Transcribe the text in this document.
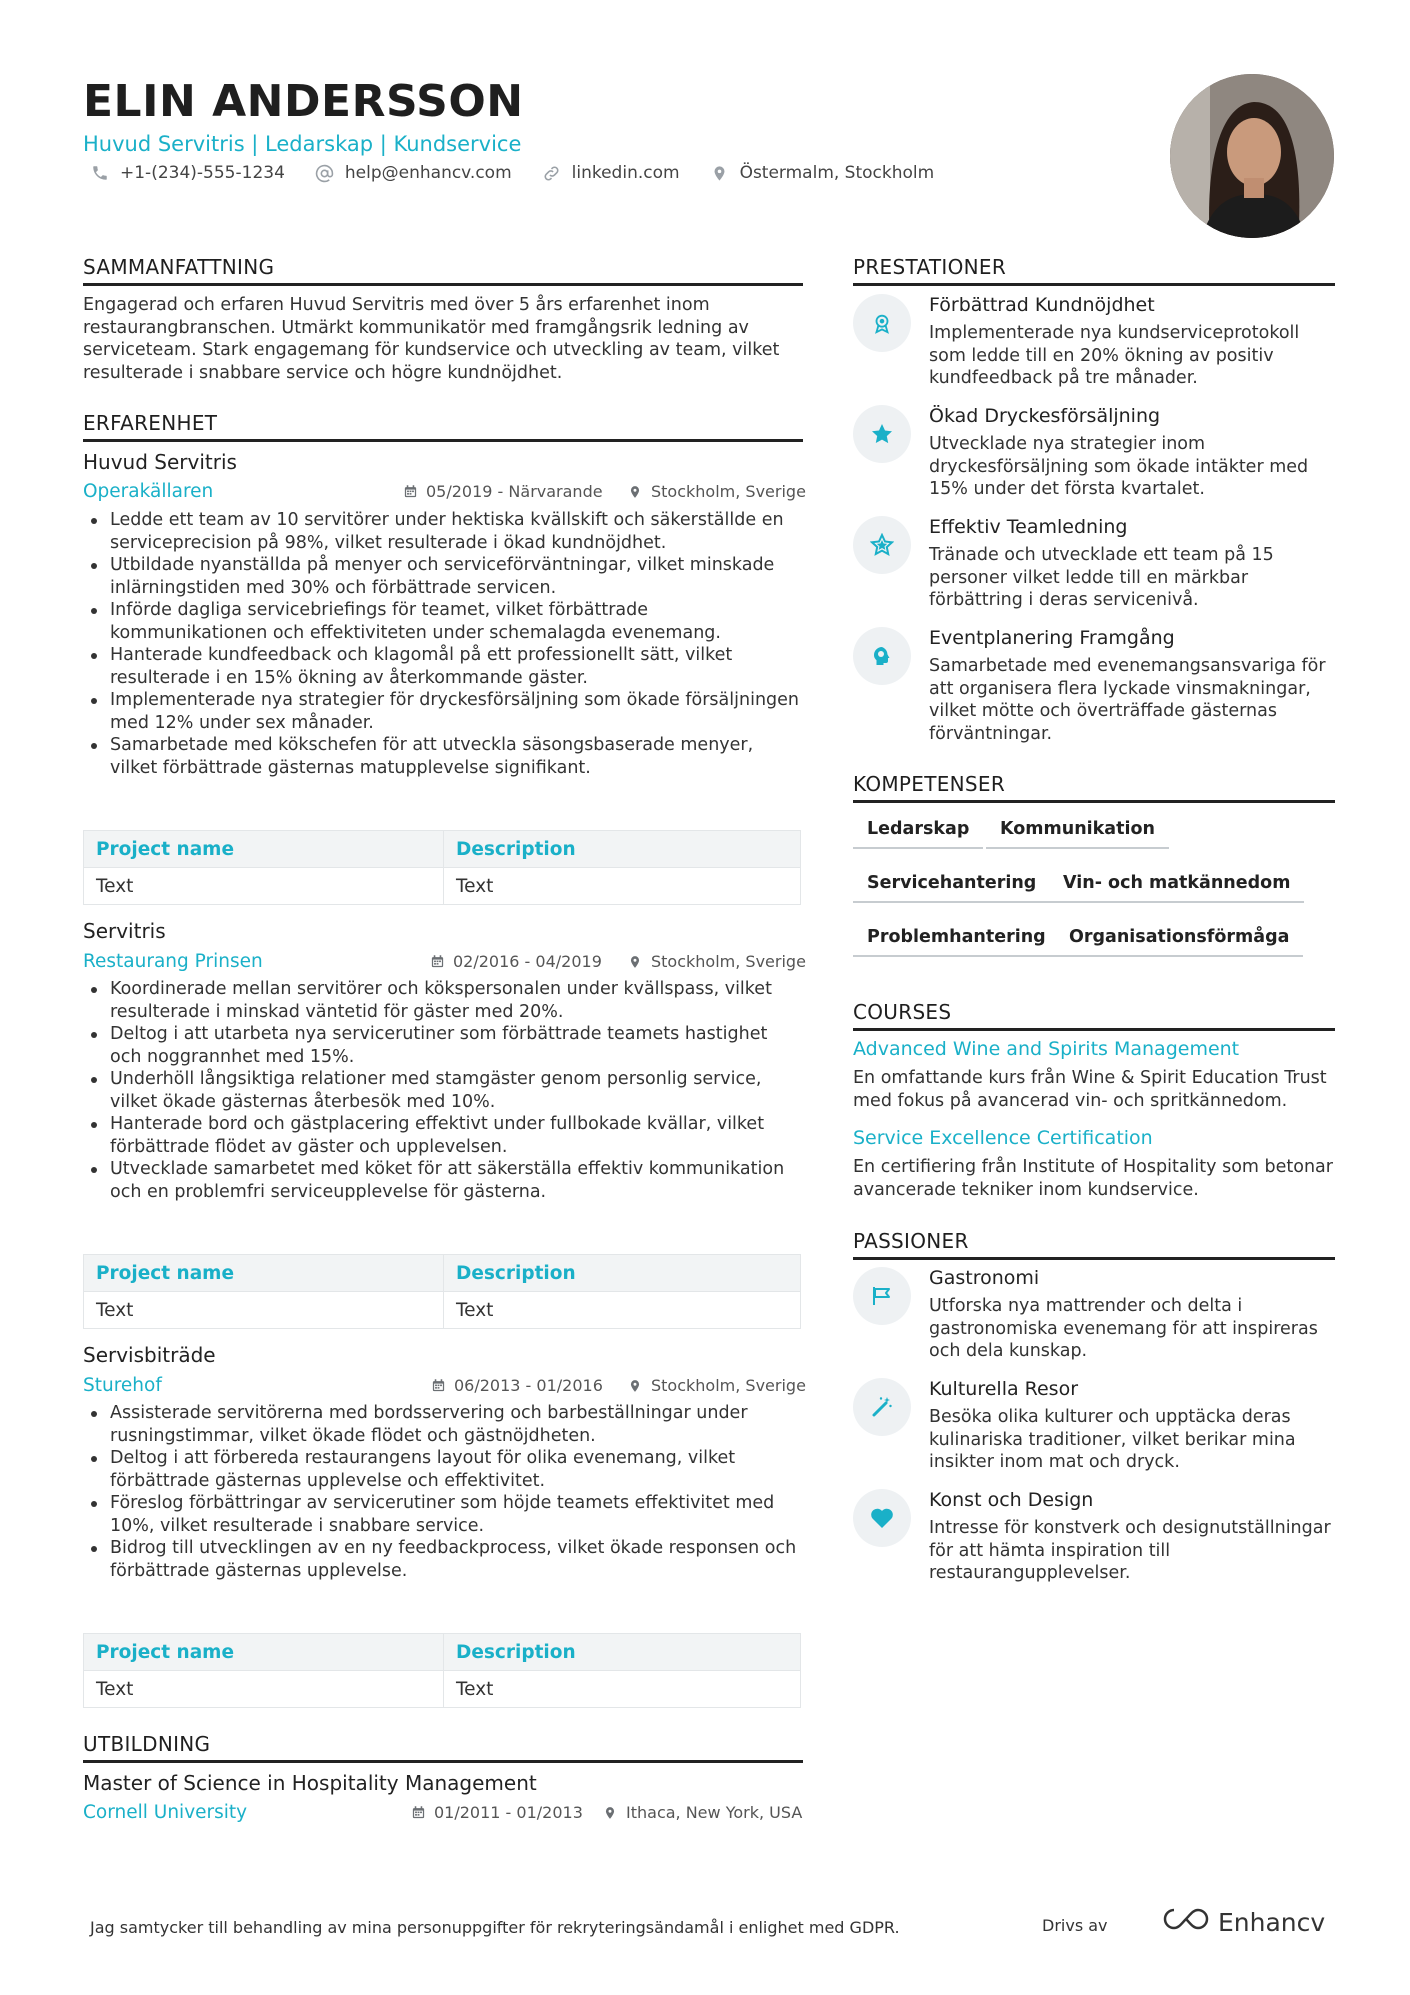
ELIN ANDERSSON
Huvud Servitris | Ledarskap | Kundservice
+1-(234)-555-1234	help@enhancv.com	linkedin.com	Östermalm, Stockholm
SAMMANFATTNING
Engagerad och erfaren Huvud Servitris med över 5 års erfarenhet inom restaurangbranschen. Utmärkt kommunikatör med framgångsrik ledning av serviceteam. Stark engagemang för kundservice och utveckling av team, vilket resulterade i snabbare service och högre kundnöjdhet.
ERFARENHET
Huvud Servitris
Operakällaren	05/2019 - Närvarande	Stockholm, Sverige
Ledde ett team av 10 servitörer under hektiska kvällskift och säkerställde en serviceprecision på 98%, vilket resulterade i ökad kundnöjdhet.
Utbildade nyanställda på menyer och serviceförväntningar, vilket minskade inlärningstiden med 30% och förbättrade servicen.
Införde dagliga servicebriefings för teamet, vilket förbättrade kommunikationen och effektiviteten under schemalagda evenemang.
Hanterade kundfeedback och klagomål på ett professionellt sätt, vilket resulterade i en 15% ökning av återkommande gäster.
Implementerade nya strategier för dryckesförsäljning som ökade försäljningen med 12% under sex månader.
Samarbetade med kökschefen för att utveckla säsongsbaserade menyer, vilket förbättrade gästernas matupplevelse signifikant.
Project name	Description
Text	Text
Servitris
Restaurang Prinsen	02/2016 - 04/2019	Stockholm, Sverige
Koordinerade mellan servitörer och kökspersonalen under kvällspass, vilket resulterade i minskad väntetid för gäster med 20%.
Deltog i att utarbeta nya servicerutiner som förbättrade teamets hastighet och noggrannhet med 15%.
Underhöll långsiktiga relationer med stamgäster genom personlig service, vilket ökade gästernas återbesök med 10%.
Hanterade bord och gästplacering effektivt under fullbokade kvällar, vilket förbättrade flödet av gäster och upplevelsen.
Utvecklade samarbetet med köket för att säkerställa effektiv kommunikation och en problemfri serviceupplevelse för gästerna.
Project name	Description
Text	Text
Servisbiträde
Sturehof	06/2013 - 01/2016	Stockholm, Sverige
Assisterade servitörerna med bordsservering och barbeställningar under rusningstimmar, vilket ökade flödet och gästnöjdheten.
Deltog i att förbereda restaurangens layout för olika evenemang, vilket förbättrade gästernas upplevelse och effektivitet.
Föreslog förbättringar av servicerutiner som höjde teamets effektivitet med 10%, vilket resulterade i snabbare service.
Bidrog till utvecklingen av en ny feedbackprocess, vilket ökade responsen och förbättrade gästernas upplevelse.
Project name	Description
Text	Text
UTBILDNING
Master of Science in Hospitality Management
Cornell University	01/2011 - 01/2013	Ithaca, New York, USA
PRESTATIONER
Förbättrad Kundnöjdhet
Implementerade nya kundserviceprotokoll som ledde till en 20% ökning av positiv kundfeedback på tre månader.
Ökad Dryckesförsäljning
Utvecklade nya strategier inom dryckesförsäljning som ökade intäkter med 15% under det första kvartalet.
Effektiv Teamledning
Tränade och utvecklade ett team på 15 personer vilket ledde till en märkbar förbättring i deras servicenivå.
Eventplanering Framgång
Samarbetade med evenemangsansvariga för att organisera flera lyckade vinsmakningar, vilket mötte och överträffade gästernas förväntningar.
KOMPETENSER
Ledarskap	Kommunikation
Servicehantering	Vin- och matkännedom
Problemhantering	Organisationsförmåga
COURSES
Advanced Wine and Spirits Management
En omfattande kurs från Wine & Spirit Education Trust med fokus på avancerad vin- och spritkännedom.
Service Excellence Certification
En certifiering från Institute of Hospitality som betonar avancerade tekniker inom kundservice.
PASSIONER
Gastronomi
Utforska nya mattrender och delta i gastronomiska evenemang för att inspireras och dela kunskap.
Kulturella Resor
Besöka olika kulturer och upptäcka deras kulinariska traditioner, vilket berikar mina insikter inom mat och dryck.
Konst och Design
Intresse för konstverk och designutställningar för att hämta inspiration till restaurangupplevelser.
Jag samtycker till behandling av mina personuppgifter för rekryteringsändamål i enlighet med GDPR.	Drivs av	Enhancv
